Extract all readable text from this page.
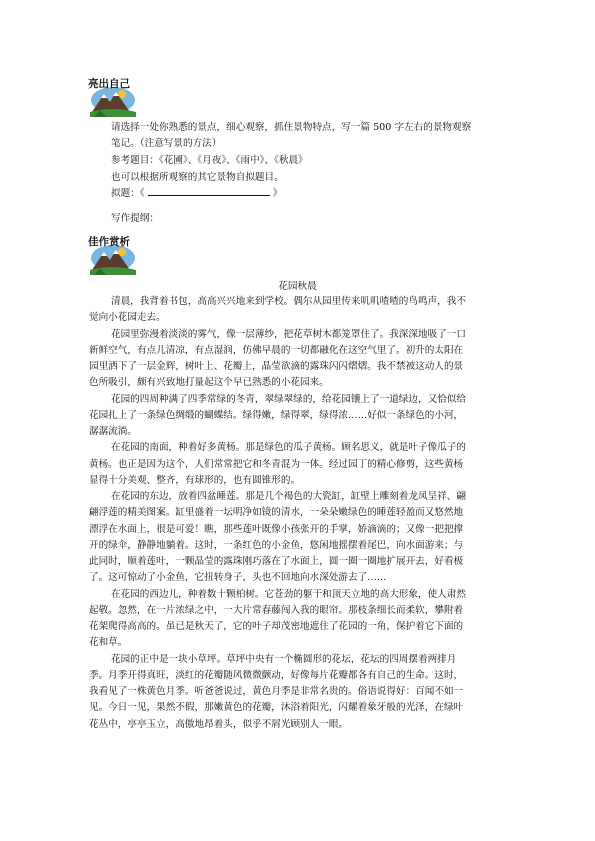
亮出自己
请选择一处你熟悉的景点，细心观察，抓住景物特点，写一篇 500 字左右的景物观察
笔记。（注意写景的方法）
参考题目：《花圃》、《月夜》、《雨中》、《秋晨》
也可以根据所观察的其它景物自拟题目。
拟题：《	》
写作提纲：
佳作赏析
花园秋晨
清晨，我背着书包，高高兴兴地来到学校。偶尔从园里传来叽叽喳喳的鸟鸣声，我不
觉向小花园走去。
花园里弥漫着淡淡的雾气，像一层薄纱，把花草树木都笼罩住了。我深深地吸了一口
新鲜空气，有点儿清凉，有点湿润，仿佛早晨的一切都融化在这空气里了。初升的太阳在
园里洒下了一层金辉，树叶上、花瓣上，晶莹欲滴的露珠闪闪熠熠。我不禁被这动人的景
色所吸引，颇有兴致地打量起这个早已熟悉的小花园来。
花园的四周种满了四季常绿的冬青，翠绿翠绿的，给花园镶上了一道绿边，又恰似给
花园扎上了一条绿色绸缎的蝴蝶结。绿得嫩，绿得翠，绿得浓……好似一条绿色的小河，
潺潺流淌。
在花园的南面，种着好多黄杨。那是绿色的瓜子黄杨。顾名思义，就是叶子像瓜子的
黄杨。也正是因为这个，人们常常把它和冬青混为一体。经过园丁的精心修剪，这些黄杨
显得十分美观、整齐，有球形的，也有圆锥形的。
在花园的东边，放着四盆睡莲。那是几个褐色的大瓷缸，缸壁上雕刻着龙凤呈祥、翩
翩浮莲的精美图案。缸里盛着一坛明净如镜的清水，一朵朵嫩绿色的睡莲轻盈而又悠然地
漂浮在水面上，很是可爱！瞧，那些莲叶既像小孩张开的手掌，娇滴滴的；又像一把把撑
开的绿伞，静静地躺着。这时，一条红色的小金鱼，悠闲地摇摆着尾巴，向水面游来；与
此同时，顺着莲叶，一颗晶莹的露珠刚巧落在了水面上，圆一圈一圈地扩展开去，好看极
了。这可惊动了小金鱼，它扭转身子，头也不回地向水深处游去了……
在花园的西边儿，种着数十颗柏树。它苍劲的躯干和顶天立地的高大形象，使人肃然
起敬。忽然，在一片浓绿之中，一大片常春藤闯入我的眼帘。那枝条细长而柔软，攀附着
花架爬得高高的。虽已是秋天了，它的叶子却茂密地遮住了花园的一角，保护着它下面的
花和草。
花园的正中是一块小草坪。草坪中央有一个椭圆形的花坛，花坛的四周摆着两排月
季。月季开得真旺，淡红的花瓣随风微微颤动，好像每片花瓣都各有自己的生命。这时，
我看见了一株黄色月季。听爸爸说过，黄色月季是非常名贵的。俗语说得好：百闻不如一
见。今日一见，果然不假，那嫩黄色的花瓣，沐浴着阳光，闪耀着象牙般的光泽，在绿叶
花丛中，亭亭玉立，高傲地昂着头，似乎不屑光顾别人一眼。
